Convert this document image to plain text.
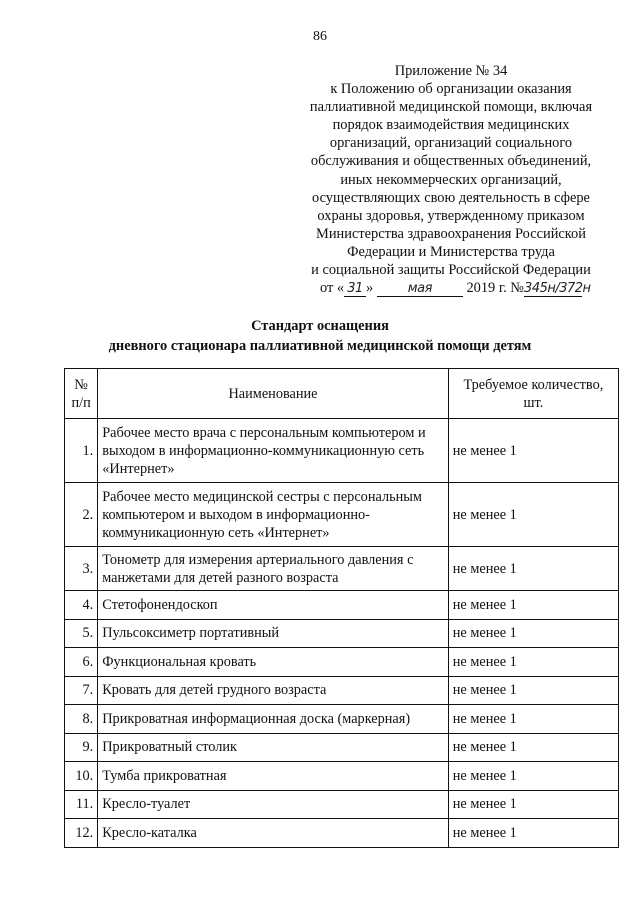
86
Приложение № 34
к Положению об организации оказания
паллиативной медицинской помощи, включая
порядок взаимодействия медицинских
организаций, организаций социального
обслуживания и общественных объединений,
иных некоммерческих организаций,
осуществляющих свою деятельность в сфере
охраны здоровья, утвержденному приказом
Министерства здравоохранения Российской
Федерации и Министерства труда
и социальной защиты Российской Федерации
от « 31 »	мая 2019 г. №345н/372н
Стандарт оснащения
дневного стационара паллиативной медицинской помощи детям
№ п/п	Наименование	Требуемое количество, шт.
1.	Рабочее место врача с персональным компьютером и выходом в информационно-коммуникационную сеть «Интернет»	не менее 1
2.	Рабочее место медицинской сестры с персональным компьютером и выходом в информационно-коммуникационную сеть «Интернет»	не менее 1
3.	Тонометр для измерения артериального давления с манжетами для детей разного возраста	не менее 1
4.	Стетофонендоскоп	не менее 1
5.	Пульсоксиметр портативный	не менее 1
6.	Функциональная кровать	не менее 1
7.	Кровать для детей грудного возраста	не менее 1
8.	Прикроватная информационная доска (маркерная)	не менее 1
9.	Прикроватный столик	не менее 1
10.	Тумба прикроватная	не менее 1
11.	Кресло-туалет	не менее 1
12.	Кресло-каталка	не менее 1
